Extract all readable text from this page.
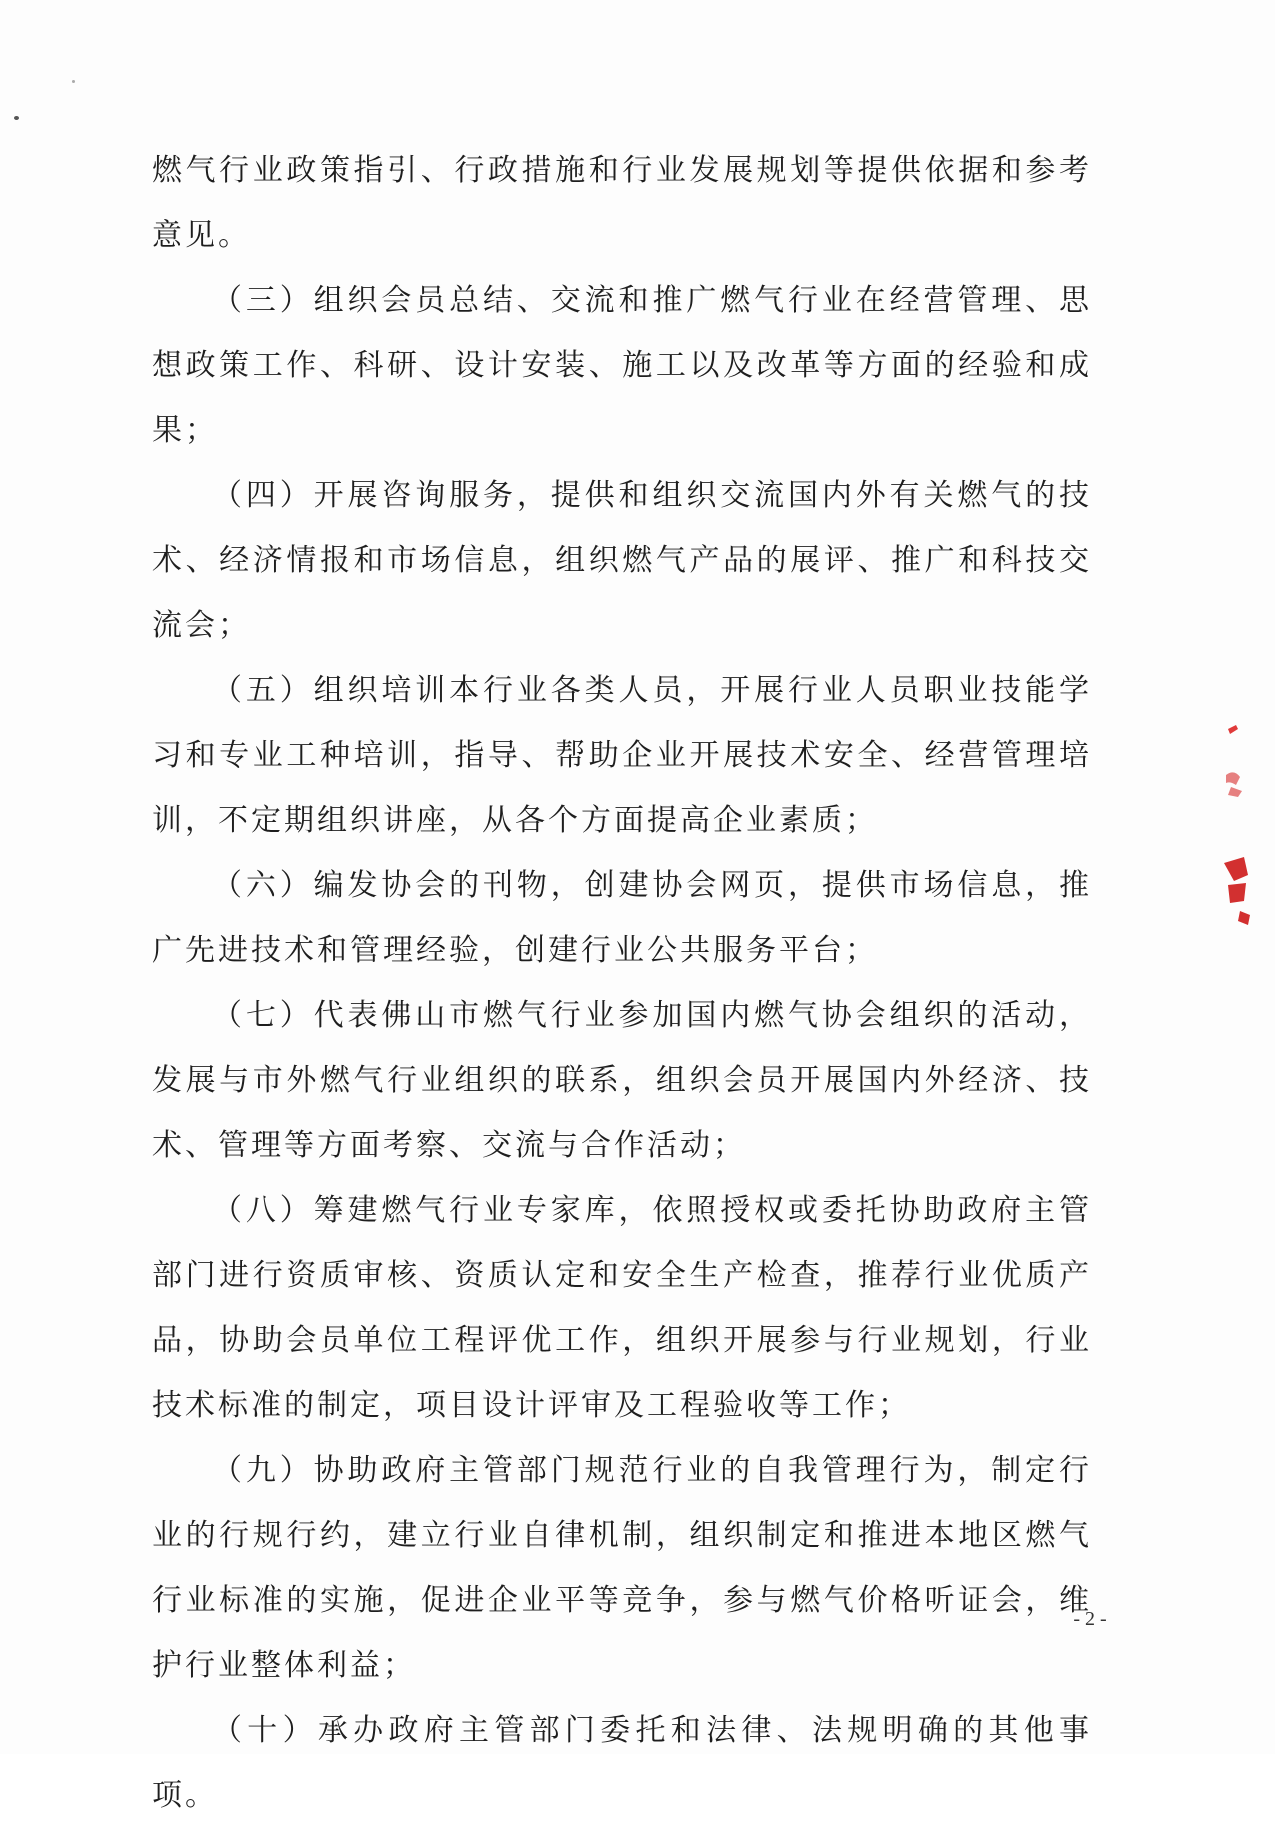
燃气行业政策指引、行政措施和行业发展规划等提供依据和参考意见。

（三）组织会员总结、交流和推广燃气行业在经营管理、思想政策工作、科研、设计安装、施工以及改革等方面的经验和成果；

（四）开展咨询服务，提供和组织交流国内外有关燃气的技术、经济情报和市场信息，组织燃气产品的展评、推广和科技交流会；

（五）组织培训本行业各类人员，开展行业人员职业技能学习和专业工种培训，指导、帮助企业开展技术安全、经营管理培训，不定期组织讲座，从各个方面提高企业素质；

（六）编发协会的刊物，创建协会网页，提供市场信息，推广先进技术和管理经验，创建行业公共服务平台；

（七）代表佛山市燃气行业参加国内燃气协会组织的活动，发展与市外燃气行业组织的联系，组织会员开展国内外经济、技术、管理等方面考察、交流与合作活动；

（八）筹建燃气行业专家库，依照授权或委托协助政府主管部门进行资质审核、资质认定和安全生产检查，推荐行业优质产品，协助会员单位工程评优工作，组织开展参与行业规划，行业技术标准的制定，项目设计评审及工程验收等工作；

（九）协助政府主管部门规范行业的自我管理行为，制定行业的行规行约，建立行业自律机制，组织制定和推进本地区燃气行业标准的实施，促进企业平等竞争，参与燃气价格听证会，维护行业整体利益；

（十）承办政府主管部门委托和法律、法规明确的其他事项。

- 2 -
